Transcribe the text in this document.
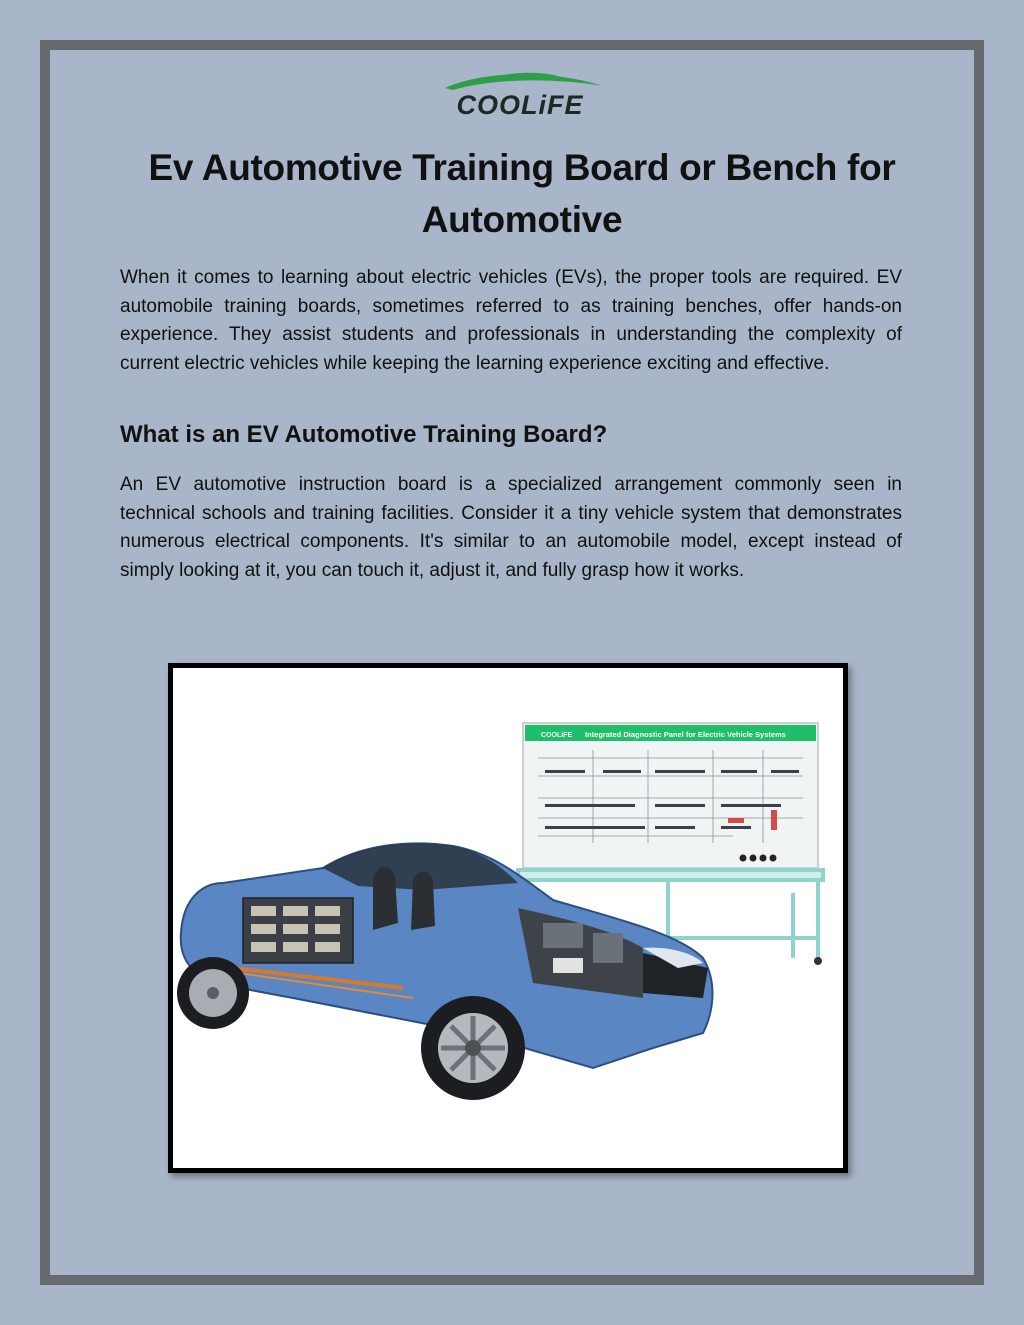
COOLiFE
Ev Automotive Training Board or Bench for Automotive

When it comes to learning about electric vehicles (EVs), the proper tools are required. EV automobile training boards, sometimes referred to as training benches, offer hands-on experience. They assist students and professionals in understanding the complexity of current electric vehicles while keeping the learning experience exciting and effective.

What is an EV Automotive Training Board?

An EV automotive instruction board is a specialized arrangement commonly seen in technical schools and training facilities. Consider it a tiny vehicle system that demonstrates numerous electrical components. It's similar to an automobile model, except instead of simply looking at it, you can touch it, adjust it, and fully grasp how it works.

COOLiFE Integrated Diagnostic Panel for Electric Vehicle Systems
